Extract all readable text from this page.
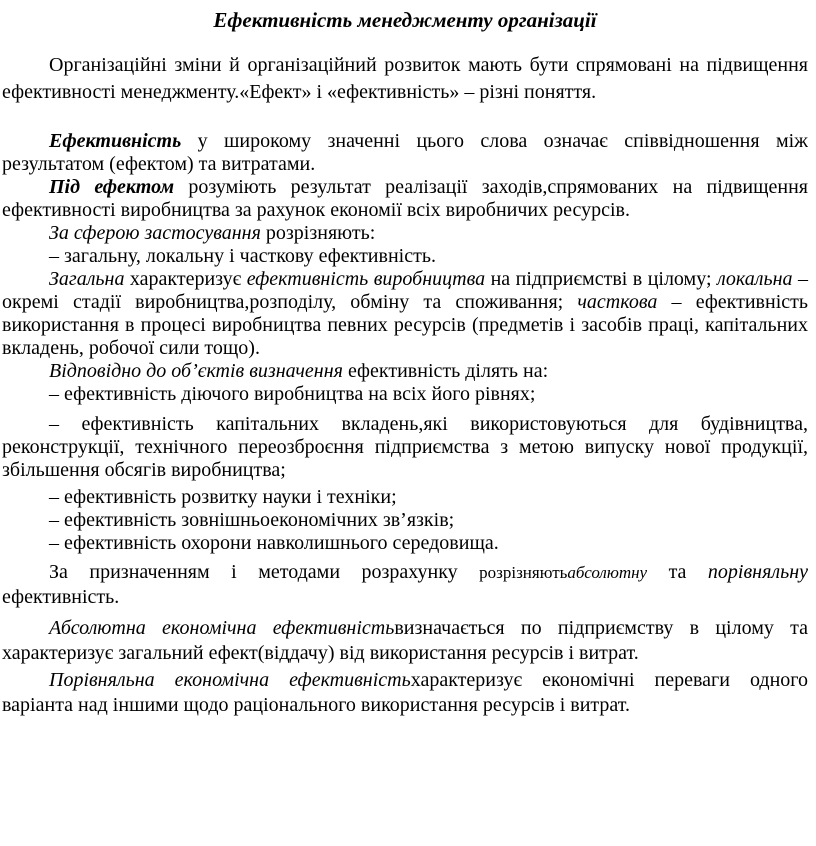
Ефективність менеджменту організації

Організаційні зміни й організаційний розвиток мають бути спрямовані на підвищення ефективності менеджменту.«Ефект» і «ефективність» – різні поняття.

Ефективність у широкому значенні цього слова означає співвідношення між результатом (ефектом) та витратами.

Під ефектом розуміють результат реалізації заходів,спрямованих на підвищення ефективності виробництва за рахунок економії всіх виробничих ресурсів.

За сферою застосування розрізняють:

– загальну, локальну і часткову ефективність.

Загальна характеризує ефективність виробництва на підприємстві в цілому; локальна – окремі стадії виробництва,розподілу, обміну та споживання; часткова – ефективність використання в процесі виробництва певних ресурсів (предметів і засобів праці, капітальних вкладень, робочої сили тощо).

Відповідно до об’єктів визначення ефективність ділять на:

– ефективність діючого виробництва на всіх його рівнях;

– ефективність капітальних вкладень,які використовуються для будівництва, реконструкції, технічного переозброєння підприємства з метою випуску нової продукції, збільшення обсягів виробництва;

– ефективність розвитку науки і техніки;

– ефективність зовнішньоекономічних зв’язків;

– ефективність охорони навколишнього середовища.

За призначенням і методами розрахунку розрізняютьабсолютну та порівняльну ефективність.

Абсолютна економічна ефективністьвизначається по підприємству в цілому та характеризує загальний ефект(віддачу) від використання ресурсів і витрат.

Порівняльна економічна ефективністьхарактеризує економічні переваги одного варіанта над іншими щодо раціонального використання ресурсів і витрат.
